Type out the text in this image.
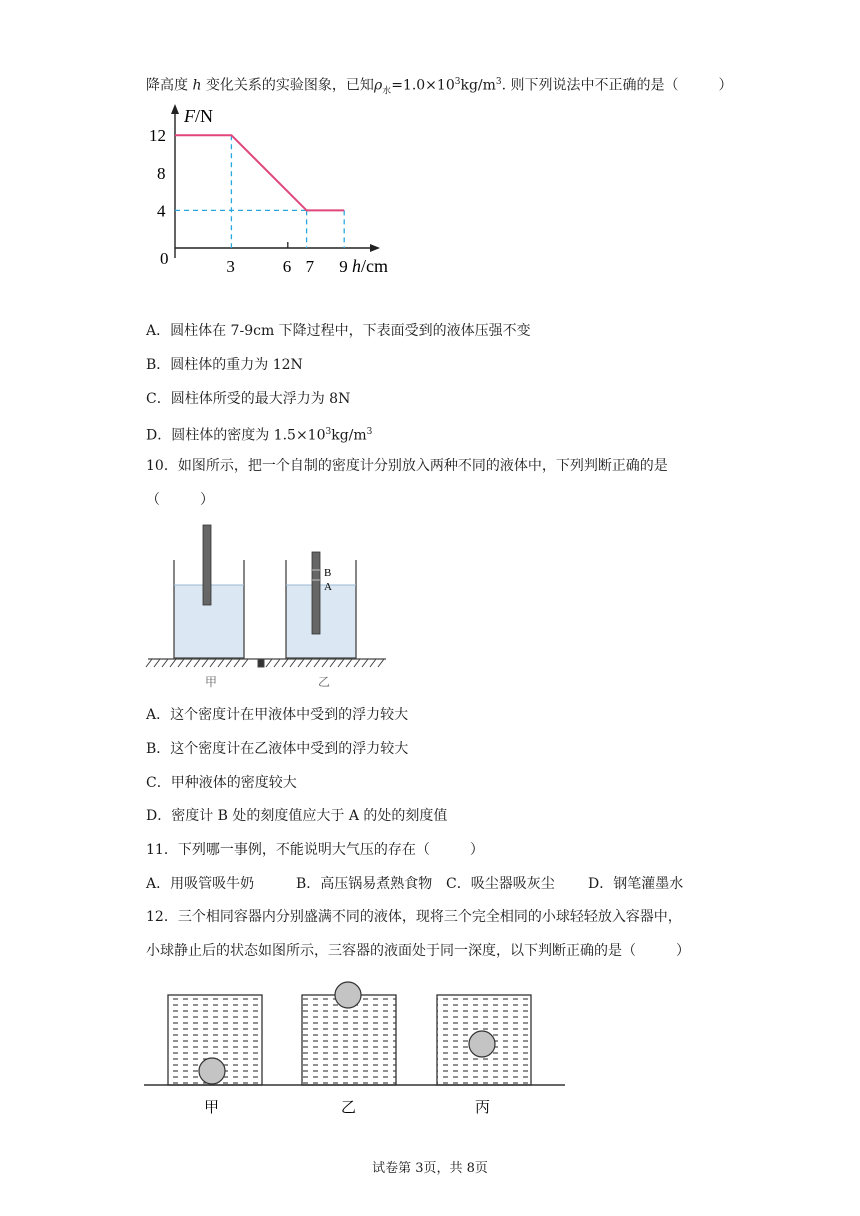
降高度 h 变化关系的实验图象，已知$\rho_水=1.0\times 10^3kg/m^3$. 则下列说法中不正确的是（	）
F/N
h/cm
0	3	6 7 9
12
8
4
A．圆柱体在 7-9cm 下降过程中，下表面受到的液体压强不变
B．圆柱体的重力为 12N
C．圆柱体所受的最大浮力为 8N
D．圆柱体的密度为 $1.5\times 10^3kg/m^3$
10．如图所示，把一个自制的密度计分别放入两种不同的液体中，下列判断正确的是
（	）
B
A
甲	乙
A．这个密度计在甲液体中受到的浮力较大
B．这个密度计在乙液体中受到的浮力较大
C．甲种液体的密度较大
D．密度计 B 处的刻度值应大于 A 的处的刻度值
11．下列哪一事例，不能说明大气压的存在（	）
A．用吸管吸牛奶	B．高压锅易煮熟食物 C．吸尘器吸灰尘 D．钢笔灌墨水
12．三个相同容器内分别盛满不同的液体，现将三个完全相同的小球轻轻放入容器中，
小球静止后的状态如图所示，三容器的液面处于同一深度，以下判断正确的是（	）
甲	乙	丙
试卷第 3页，共 8页
